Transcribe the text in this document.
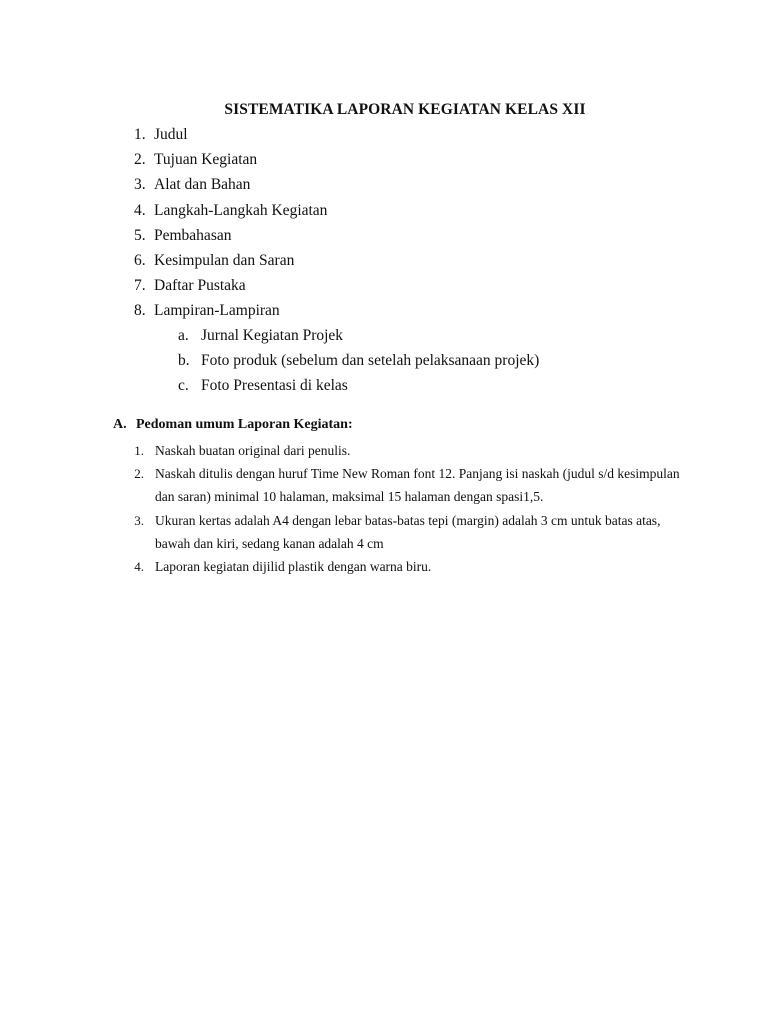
SISTEMATIKA LAPORAN KEGIATAN KELAS XII
1. Judul
2. Tujuan Kegiatan
3. Alat dan Bahan
4. Langkah-Langkah Kegiatan
5. Pembahasan
6. Kesimpulan dan Saran
7. Daftar Pustaka
8. Lampiran-Lampiran
a. Jurnal Kegiatan Projek
b. Foto produk (sebelum dan setelah pelaksanaan projek)
c. Foto Presentasi di kelas
A. Pedoman umum Laporan Kegiatan:
1. Naskah buatan original dari penulis.
2. Naskah ditulis dengan huruf Time New Roman font 12. Panjang isi naskah (judul s/d kesimpulan dan saran) minimal 10 halaman, maksimal 15 halaman dengan spasi1,5.
3. Ukuran kertas adalah A4 dengan lebar batas-batas tepi (margin) adalah 3 cm untuk batas atas, bawah dan kiri, sedang kanan adalah 4 cm
4. Laporan kegiatan dijilid plastik dengan warna biru.
